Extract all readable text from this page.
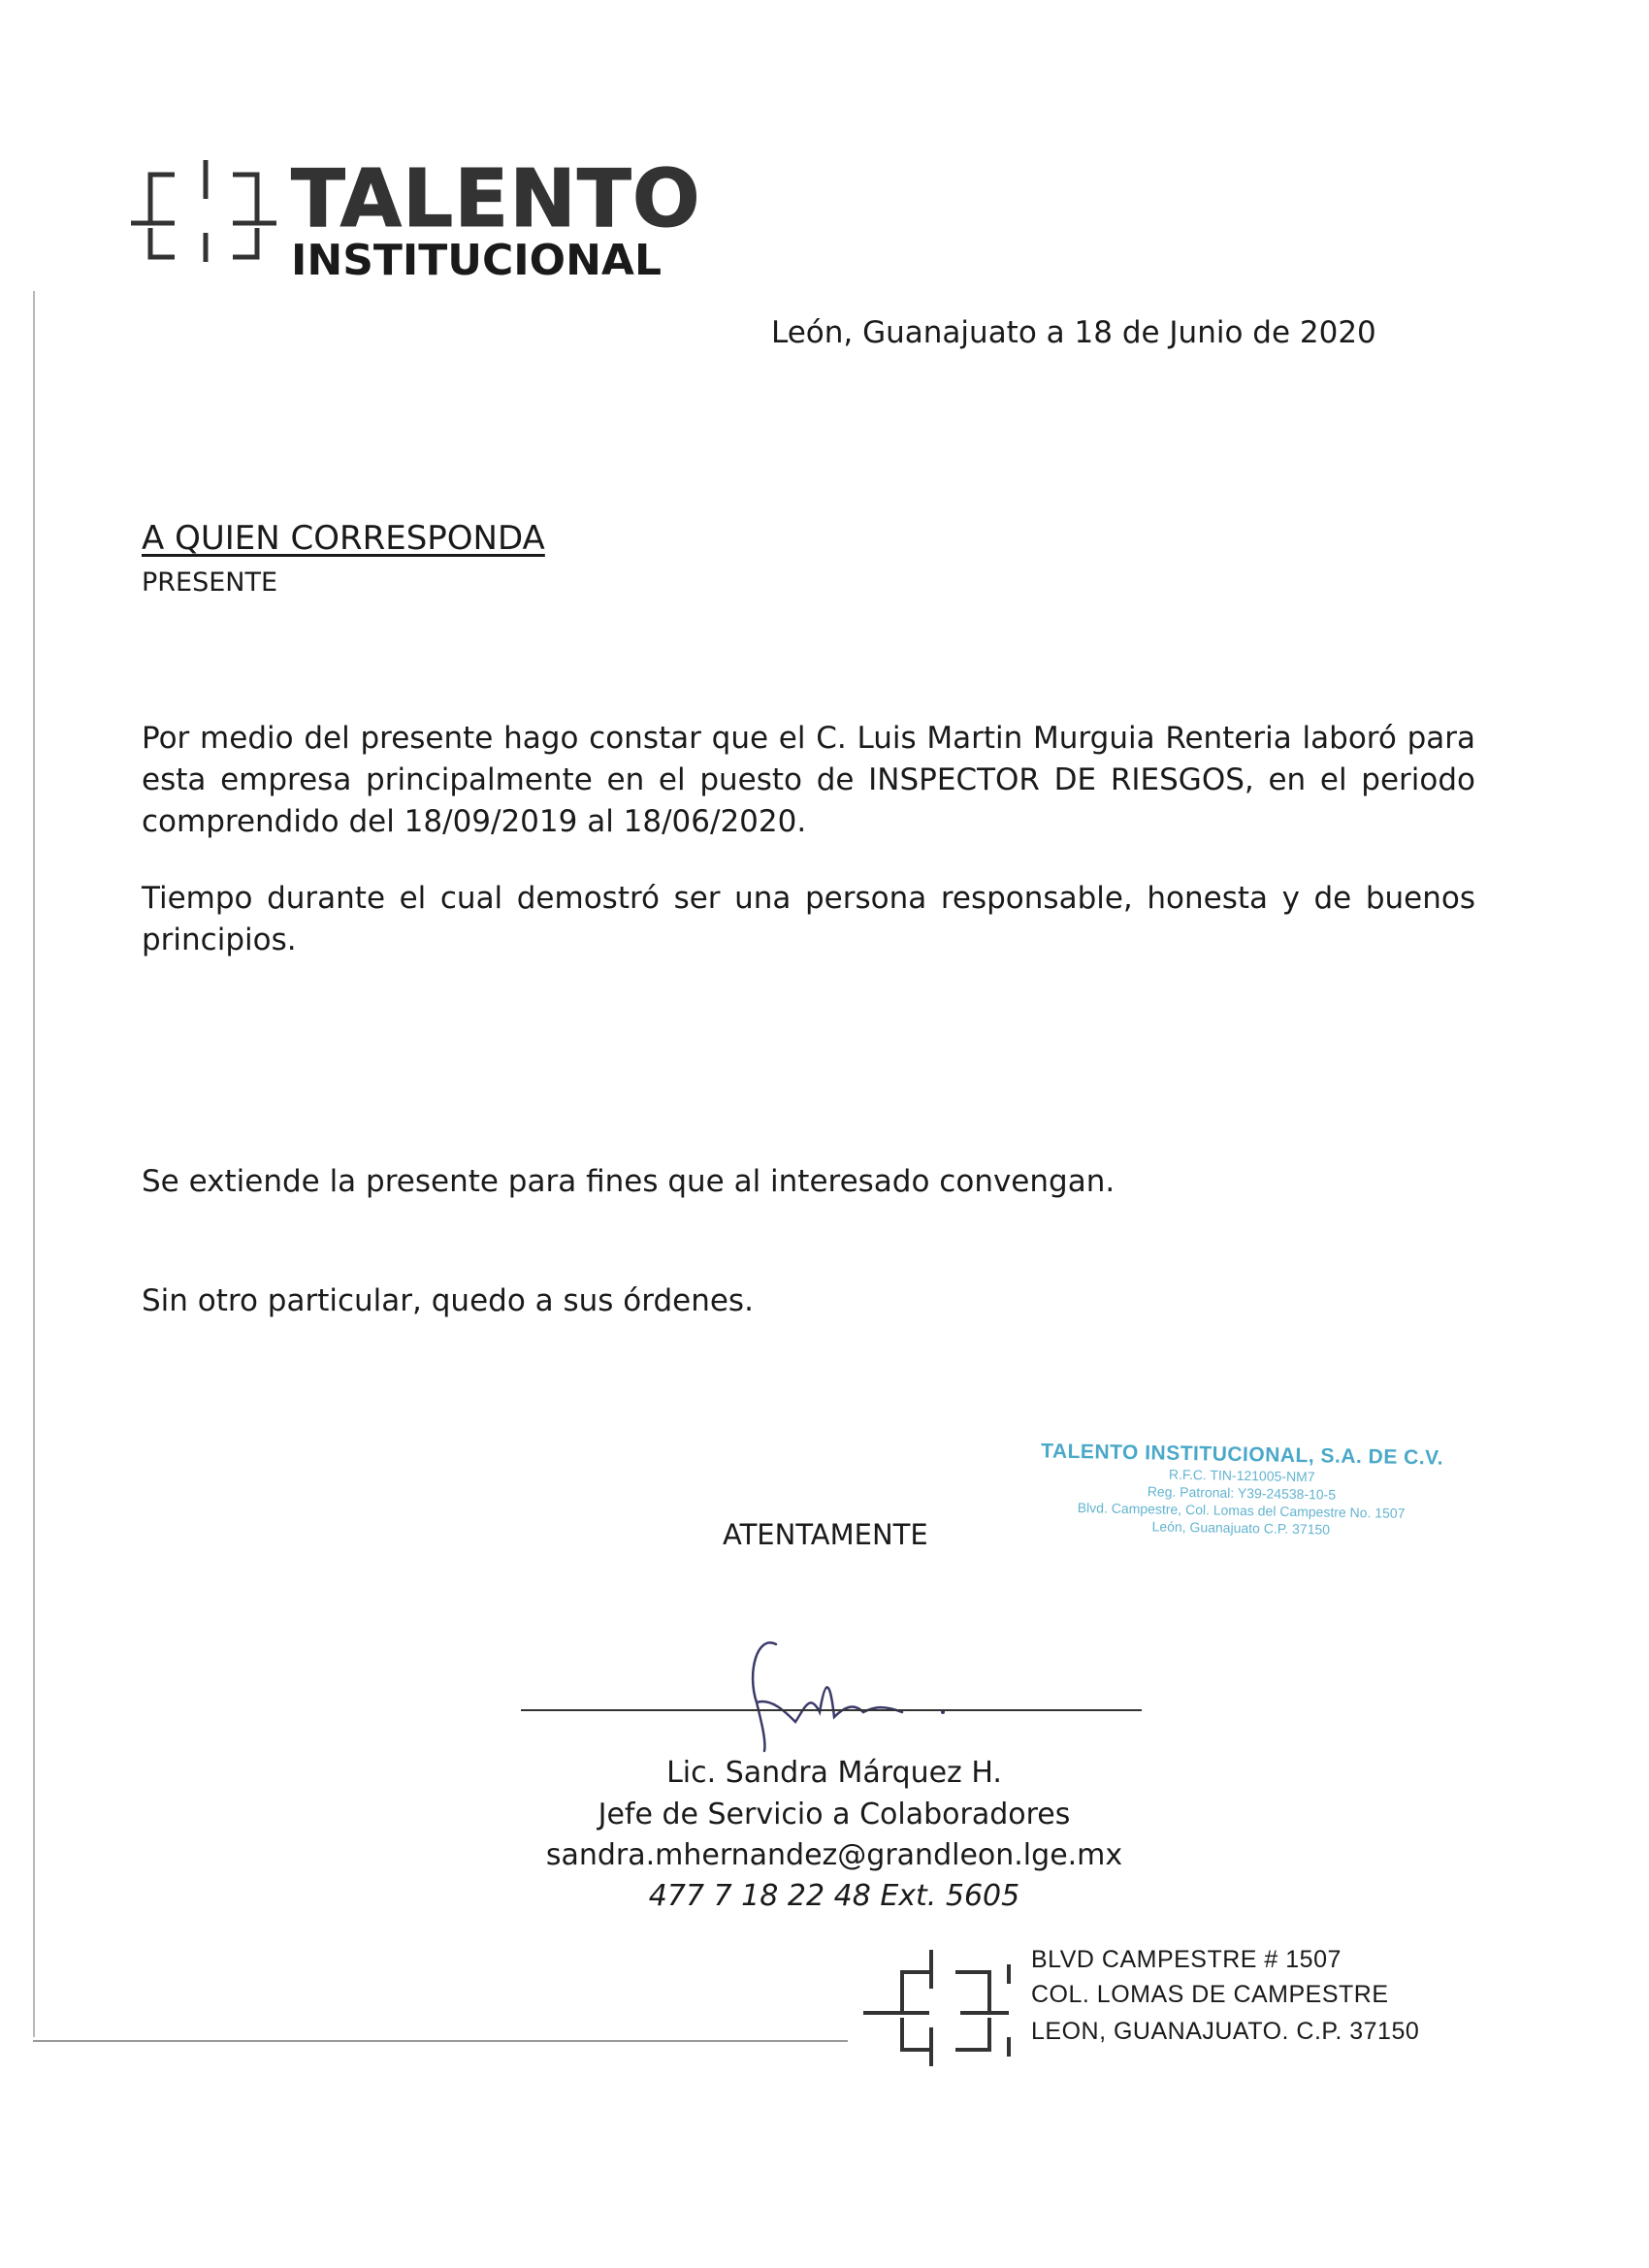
TALENTO
INSTITUCIONAL
León, Guanajuato a 18 de Junio de 2020
A QUIEN CORRESPONDA
PRESENTE
Por medio del presente hago constar que el C. Luis Martin Murguia Renteria laboró para esta empresa principalmente en el puesto de INSPECTOR DE RIESGOS, en el periodo comprendido del 18/09/2019 al 18/06/2020.
Tiempo durante el cual demostró ser una persona responsable, honesta y de buenos principios.
Se extiende la presente para fines que al interesado convengan.
Sin otro particular, quedo a sus órdenes.
ATENTAMENTE
TALENTO INSTITUCIONAL, S.A. DE C.V.
R.F.C. TIN-121005-NM7
Reg. Patronal: Y39-24538-10-5
Blvd. Campestre, Col. Lomas del Campestre No. 1507
León, Guanajuato C.P. 37150
Lic. Sandra Márquez H.
Jefe de Servicio a Colaboradores
sandra.mhernandez@grandleon.lge.mx
477 7 18 22 48 Ext. 5605
BLVD CAMPESTRE # 1507
COL. LOMAS DE CAMPESTRE
LEON, GUANAJUATO. C.P. 37150
